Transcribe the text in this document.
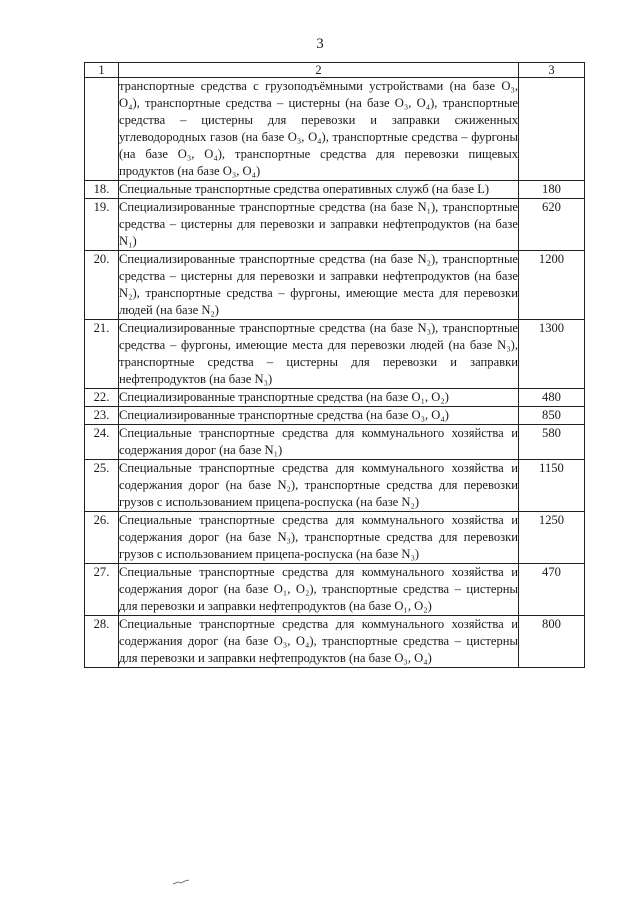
3
1	2	3
	транспортные средства с грузоподъёмными устройствами (на базе O₃, O₄), транспортные средства – цистерны (на базе O₃, O₄), транспортные средства – цистерны для перевозки и заправки сжиженных углеводородных газов (на базе O₃, O₄), транспортные средства – фургоны (на базе O₃, O₄), транспортные средства для перевозки пищевых продуктов (на базе O₃, O₄)	
18.	Специальные транспортные средства оперативных служб (на базе L)	180
19.	Специализированные транспортные средства (на базе N₁), транспортные средства – цистерны для перевозки и заправки нефтепродуктов (на базе N₁)	620
20.	Специализированные транспортные средства (на базе N₂), транспортные средства – цистерны для перевозки и заправки нефтепродуктов (на базе N₂), транспортные средства – фургоны, имеющие места для перевозки людей (на базе N₂)	1200
21.	Специализированные транспортные средства (на базе N₃), транспортные средства – фургоны, имеющие места для перевозки людей (на базе N₃), транспортные средства – цистерны для перевозки и заправки нефтепродуктов (на базе N₃)	1300
22.	Специализированные транспортные средства (на базе O₁, O₂)	480
23.	Специализированные транспортные средства (на базе O₃, O₄)	850
24.	Специальные транспортные средства для коммунального хозяйства и содержания дорог (на базе N₁)	580
25.	Специальные транспортные средства для коммунального хозяйства и содержания дорог (на базе N₂), транспортные средства для перевозки грузов с использованием прицепа-роспуска (на базе N₂)	1150
26.	Специальные транспортные средства для коммунального хозяйства и содержания дорог (на базе N₃), транспортные средства для перевозки грузов с использованием прицепа-роспуска (на базе N₃)	1250
27.	Специальные транспортные средства для коммунального хозяйства и содержания дорог (на базе O₁, O₂), транспортные средства – цистерны для перевозки и заправки нефтепродуктов (на базе O₁, O₂)	470
28.	Специальные транспортные средства для коммунального хозяйства и содержания дорог (на базе O₃, O₄), транспортные средства – цистерны для перевозки и заправки нефтепродуктов (на базе O₃, O₄)	800
